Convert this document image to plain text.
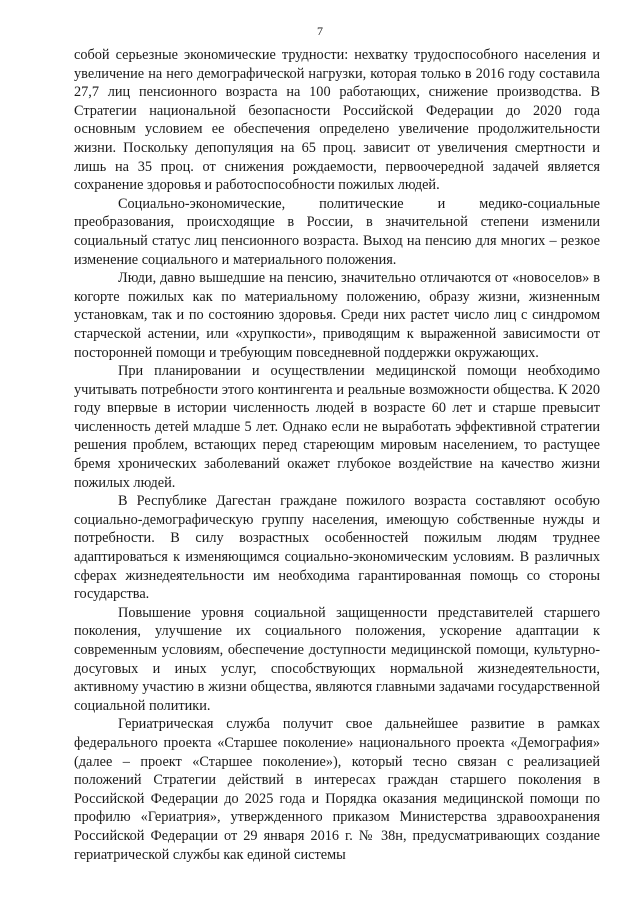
7

собой серьезные экономические трудности: нехватку трудоспособного населения и увеличение на него демографической нагрузки, которая только в 2016 году составила 27,7 лиц пенсионного возраста на 100 работающих, снижение производства. В Стратегии национальной безопасности Российской Федерации до 2020 года основным условием ее обеспечения определено увеличение продолжительности жизни. Поскольку депопуляция на 65 проц. зависит от увеличения смертности и лишь на 35 проц. от снижения рождаемости, первоочередной задачей является сохранение здоровья и работоспособности пожилых людей.

Социально-экономические, политические и медико-социальные преобразования, происходящие в России, в значительной степени изменили социальный статус лиц пенсионного возраста. Выход на пенсию для многих – резкое изменение социального и материального положения.

Люди, давно вышедшие на пенсию, значительно отличаются от «новоселов» в когорте пожилых как по материальному положению, образу жизни, жизненным установкам, так и по состоянию здоровья. Среди них растет число лиц с синдромом старческой астении, или «хрупкости», приводящим к выраженной зависимости от посторонней помощи и требующим повседневной поддержки окружающих.

При планировании и осуществлении медицинской помощи необходимо учитывать потребности этого контингента и реальные возможности общества. К 2020 году впервые в истории численность людей в возрасте 60 лет и старше превысит численность детей младше 5 лет. Однако если не выработать эффективной стратегии решения проблем, встающих перед стареющим мировым населением, то растущее бремя хронических заболеваний окажет глубокое воздействие на качество жизни пожилых людей.

В Республике Дагестан граждане пожилого возраста составляют особую социально-демографическую группу населения, имеющую собственные нужды и потребности. В силу возрастных особенностей пожилым людям труднее адаптироваться к изменяющимся социально-экономическим условиям. В различных сферах жизнедеятельности им необходима гарантированная помощь со стороны государства.

Повышение уровня социальной защищенности представителей старшего поколения, улучшение их социального положения, ускорение адаптации к современным условиям, обеспечение доступности медицинской помощи, культурно-досуговых и иных услуг, способствующих нормальной жизнедеятельности, активному участию в жизни общества, являются главными задачами государственной социальной политики.

Гериатрическая служба получит свое дальнейшее развитие в рамках федерального проекта «Старшее поколение» национального проекта «Демография» (далее – проект «Старшее поколение»), который тесно связан с реализацией положений Стратегии действий в интересах граждан старшего поколения в Российской Федерации до 2025 года и Порядка оказания медицинской помощи по профилю «Гериатрия», утвержденного приказом Министерства здравоохранения Российской Федерации от 29 января 2016 г. № 38н, предусматривающих создание гериатрической службы как единой системы
